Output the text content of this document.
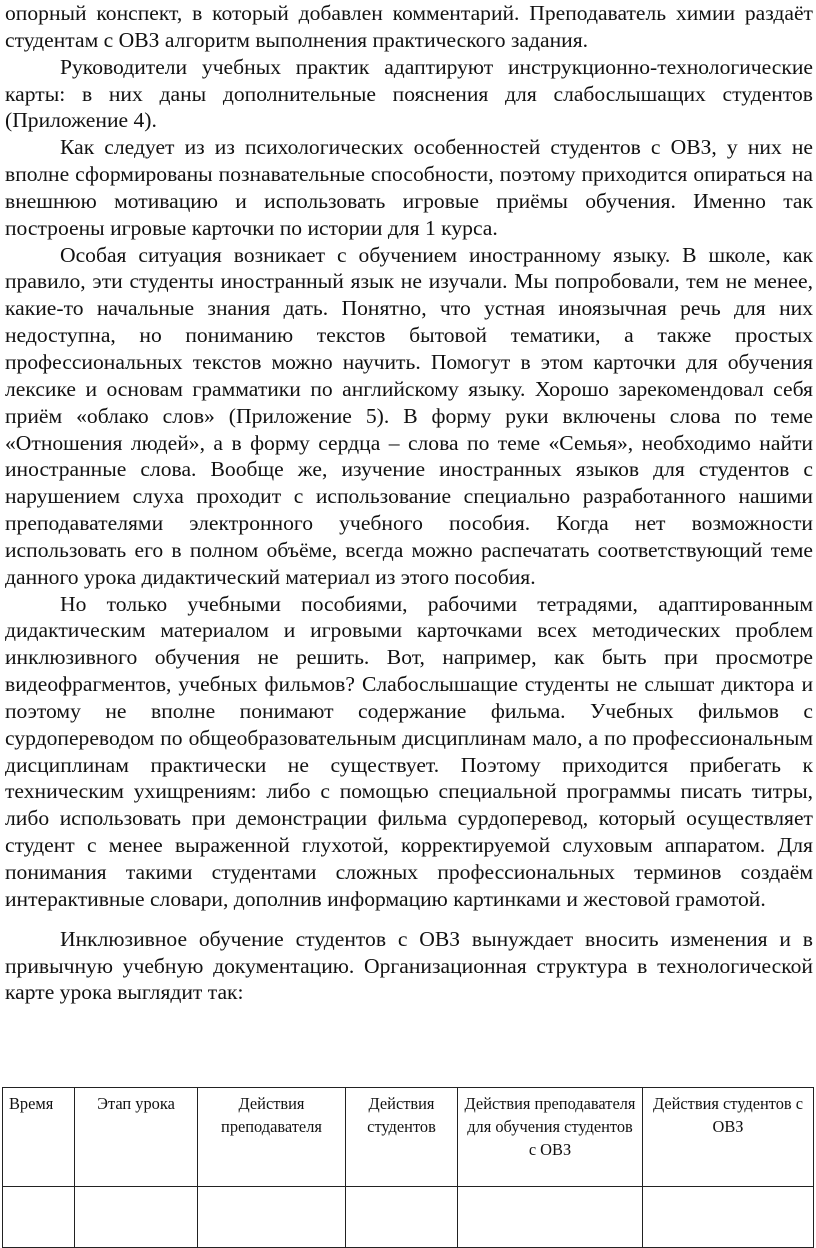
опорный конспект, в который добавлен комментарий. Преподаватель химии раздаёт студентам с ОВЗ алгоритм выполнения практического задания.

Руководители учебных практик адаптируют инструкционно-технологические карты: в них даны дополнительные пояснения для слабослышащих студентов (Приложение 4).

Как следует из из психологических особенностей студентов с ОВЗ, у них не вполне сформированы познавательные способности, поэтому приходится опираться на внешнюю мотивацию и использовать игровые приёмы обучения. Именно так построены игровые карточки по истории для 1 курса.

Особая ситуация возникает с обучением иностранному языку. В школе, как правило, эти студенты иностранный язык не изучали. Мы попробовали, тем не менее, какие-то начальные знания дать. Понятно, что устная иноязычная речь для них недоступна, но пониманию текстов бытовой тематики, а также простых профессиональных текстов можно научить. Помогут в этом карточки для обучения лексике и основам грамматики по английскому языку. Хорошо зарекомендовал себя приём «облако слов» (Приложение 5). В форму руки включены слова по теме «Отношения людей», а в форму сердца – слова по теме «Семья», необходимо найти иностранные слова. Вообще же, изучение иностранных языков для студентов с нарушением слуха проходит с использование специально разработанного нашими преподавателями электронного учебного пособия. Когда нет возможности использовать его в полном объёме, всегда можно распечатать соответствующий теме данного урока дидактический материал из этого пособия.

Но только учебными пособиями, рабочими тетрадями, адаптированным дидактическим материалом и игровыми карточками всех методических проблем инклюзивного обучения не решить. Вот, например, как быть при просмотре видеофрагментов, учебных фильмов? Слабослышащие студенты не слышат диктора и поэтому не вполне понимают содержание фильма. Учебных фильмов с сурдопереводом по общеобразовательным дисциплинам мало, а по профессиональным дисциплинам практически не существует. Поэтому приходится прибегать к техническим ухищрениям: либо с помощью специальной программы писать титры, либо использовать при демонстрации фильма сурдоперевод, который осуществляет студент с менее выраженной глухотой, корректируемой слуховым аппаратом. Для понимания такими студентами сложных профессиональных терминов создаём интерактивные словари, дополнив информацию картинками и жестовой грамотой.

Инклюзивное обучение студентов с ОВЗ вынуждает вносить изменения и в привычную учебную документацию. Организационная структура в технологической карте урока выглядит так:

Время	Этап урока	Действия преподавателя	Действия студентов	Действия преподавателя для обучения студентов с ОВЗ	Действия студентов с ОВЗ
